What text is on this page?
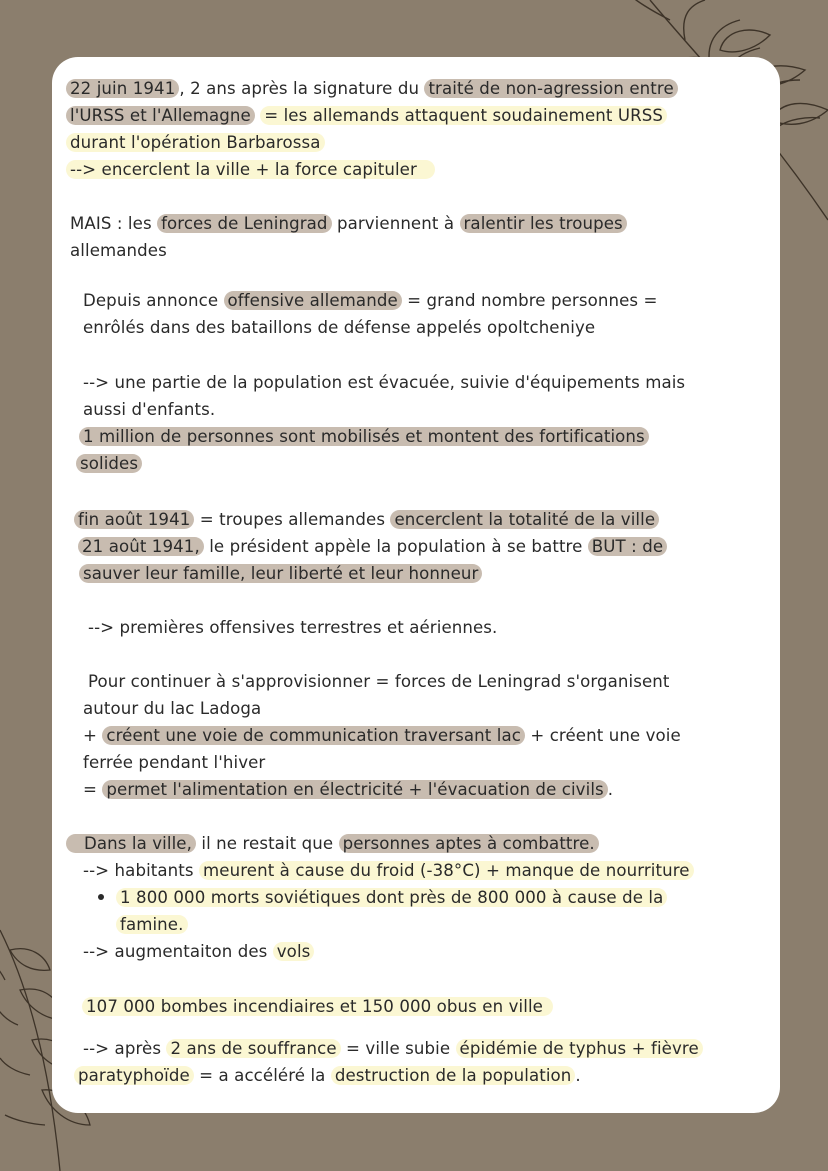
22 juin 1941 , 2 ans après la signature du traité de non-agression entre
l'URSS et l'Allemagne = les allemands attaquent soudainement URSS
durant l'opération Barbarossa
--> encerclent la ville + la force capituler
MAIS : les forces de Leningrad parviennent à ralentir les troupes
allemandes
Depuis annonce offensive allemande = grand nombre personnes =
enrôlés dans des bataillons de défense appelés opoltcheniye
--> une partie de la population est évacuée, suivie d'équipements mais
aussi d'enfants.
1 million de personnes sont mobilisés et montent des fortifications
solides
fin août 1941 = troupes allemandes encerclent la totalité de la ville
21 août 1941, le président appèle la population à se battre BUT : de
sauver leur famille, leur liberté et leur honneur
--> premières offensives terrestres et aériennes.
Pour continuer à s'approvisionner = forces de Leningrad s'organisent
autour du lac Ladoga
+ créent une voie de communication traversant lac + créent une voie
ferrée pendant l'hiver
= permet l'alimentation en électricité + l'évacuation de civils .
Dans la ville, il ne restait que personnes aptes à combattre.
--> habitants meurent à cause du froid (-38°C) + manque de nourriture
1 800 000 morts soviétiques dont près de 800 000 à cause de la
famine.
--> augmentaiton des vols
107 000 bombes incendiaires et 150 000 obus en ville
--> après 2 ans de souffrance = ville subie épidémie de typhus + fièvre
paratyphoïde = a accéléré la destruction de la population .
